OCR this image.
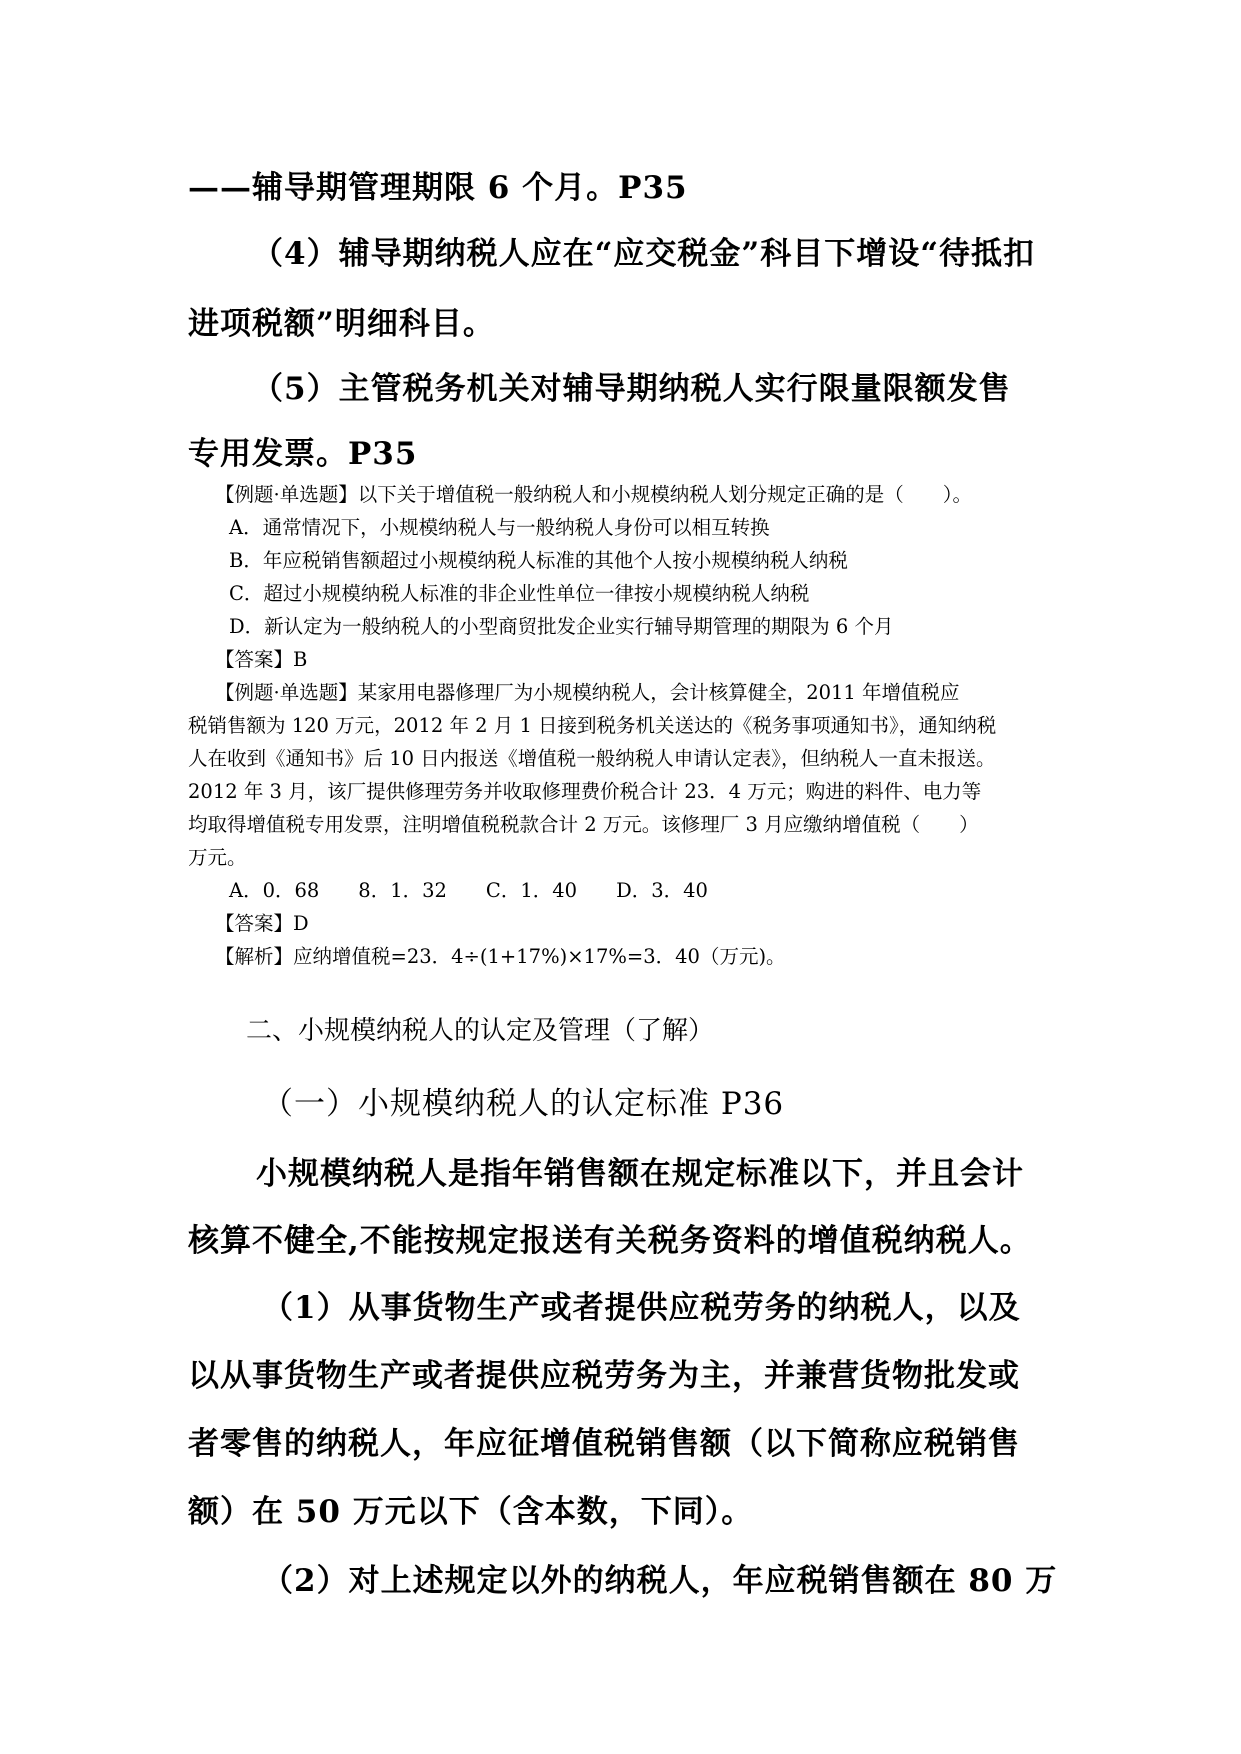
——辅导期管理期限 6 个月。P35

（4）辅导期纳税人应在“应交税金”科目下增设“待抵扣

进项税额”明细科目。

（5）主管税务机关对辅导期纳税人实行限量限额发售

专用发票。P35

【例题·单选题】以下关于增值税一般纳税人和小规模纳税人划分规定正确的是（　　）。

A．通常情况下，小规模纳税人与一般纳税人身份可以相互转换

B．年应税销售额超过小规模纳税人标准的其他个人按小规模纳税人纳税

C．超过小规模纳税人标准的非企业性单位一律按小规模纳税人纳税

D．新认定为一般纳税人的小型商贸批发企业实行辅导期管理的期限为 6 个月

【答案】B

【例题·单选题】某家用电器修理厂为小规模纳税人，会计核算健全，2011 年增值税应

税销售额为 120 万元，2012 年 2 月 1 日接到税务机关送达的《税务事项通知书》，通知纳税

人在收到《通知书》后 10 日内报送《增值税一般纳税人申请认定表》，但纳税人一直未报送。

2012 年 3 月，该厂提供修理劳务并收取修理费价税合计 23．4 万元；购进的料件、电力等

均取得增值税专用发票，注明增值税税款合计 2 万元。该修理厂 3 月应缴纳增值税（　　）

万元。

A．0．68　　8．1．32　　C．1．40　　D．3．40

【答案】D

【解析】应纳增值税=23．4÷(1+17%)×17%=3．40（万元)。

二、小规模纳税人的认定及管理（了解）

（一）小规模纳税人的认定标准 P36

小规模纳税人是指年销售额在规定标准以下，并且会计

核算不健全,不能按规定报送有关税务资料的增值税纳税人。

（1）从事货物生产或者提供应税劳务的纳税人，以及

以从事货物生产或者提供应税劳务为主，并兼营货物批发或

者零售的纳税人，年应征增值税销售额（以下简称应税销售

额）在 50 万元以下（含本数，下同）。

（2）对上述规定以外的纳税人，年应税销售额在 80 万
